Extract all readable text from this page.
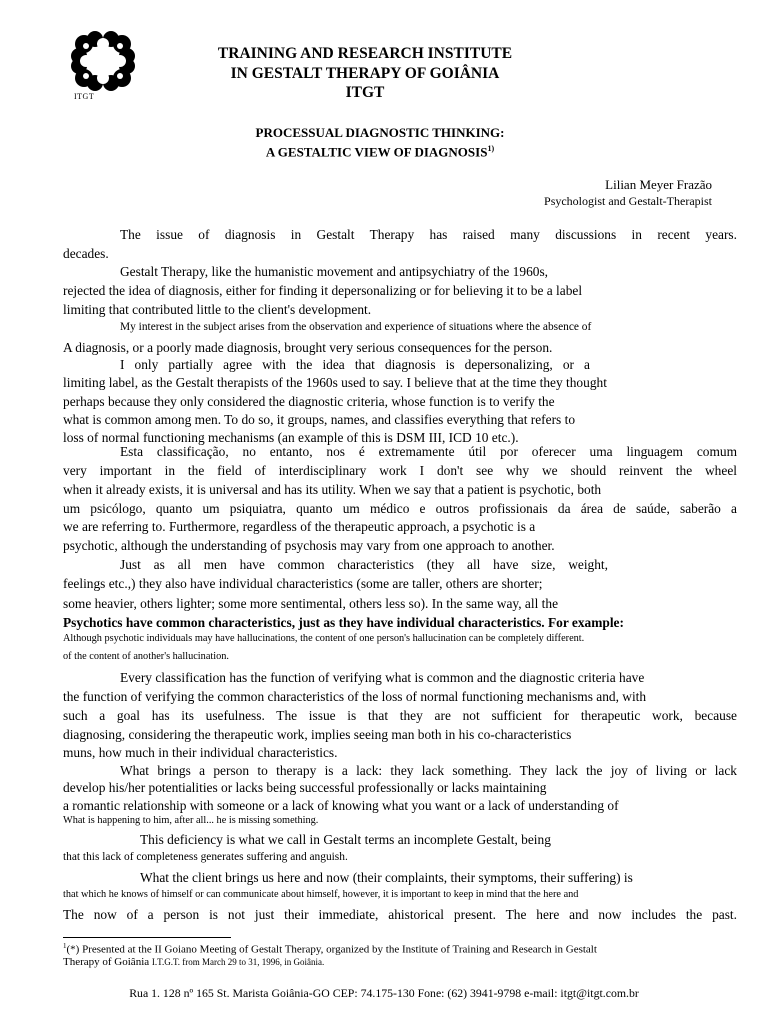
ITGT
TRAINING AND RESEARCH INSTITUTE
IN GESTALT THERAPY OF GOIÂNIA
ITGT
PROCESSUAL DIAGNOSTIC THINKING:
A GESTALTIC VIEW OF DIAGNOSIS$^{1)}$
Lilian Meyer Frazão
Psychologist and Gestalt-Therapist
The issue of diagnosis in Gestalt Therapy has raised many discussions in recent years.
decades.
Gestalt Therapy, like the humanistic movement and antipsychiatry of the 1960s,
rejected the idea of diagnosis, either for finding it depersonalizing or for believing it to be a label
limiting that contributed little to the client's development.
My interest in the subject arises from the observation and experience of situations where the absence of
A diagnosis, or a poorly made diagnosis, brought very serious consequences for the person.
I only partially agree with the idea that diagnosis is depersonalizing, or a
limiting label, as the Gestalt therapists of the 1960s used to say. I believe that at the time they thought
perhaps because they only considered the diagnostic criteria, whose function is to verify the
what is common among men. To do so, it groups, names, and classifies everything that refers to
loss of normal functioning mechanisms (an example of this is DSM III, ICD 10 etc.).
Esta classificação, no entanto, nos é extremamente útil por oferecer uma linguagem comum
very important in the field of interdisciplinary work I don't see why we should reinvent the wheel
when it already exists, it is universal and has its utility. When we say that a patient is psychotic, both
um psicólogo, quanto um psiquiatra, quanto um médico e outros profissionais da área de saúde, saberão a
we are referring to. Furthermore, regardless of the therapeutic approach, a psychotic is a
psychotic, although the understanding of psychosis may vary from one approach to another.
Just as all men have common characteristics (they all have size, weight,
feelings etc.,) they also have individual characteristics (some are taller, others are shorter;
some heavier, others lighter; some more sentimental, others less so). In the same way, all the
Psychotics have common characteristics, just as they have individual characteristics. For example:
Although psychotic individuals may have hallucinations, the content of one person's hallucination can be completely different.
of the content of another's hallucination.
Every classification has the function of verifying what is common and the diagnostic criteria have
the function of verifying the common characteristics of the loss of normal functioning mechanisms and, with
such a goal has its usefulness. The issue is that they are not sufficient for therapeutic work, because
diagnosing, considering the therapeutic work, implies seeing man both in his co-characteristics
muns, how much in their individual characteristics.
What brings a person to therapy is a lack: they lack something. They lack the joy of living or lack
develop his/her potentialities or lacks being successful professionally or lacks maintaining
a romantic relationship with someone or a lack of knowing what you want or a lack of understanding of
What is happening to him, after all... he is missing something.
This deficiency is what we call in Gestalt terms an incomplete Gestalt, being
that this lack of completeness generates suffering and anguish.
What the client brings us here and now (their complaints, their symptoms, their suffering) is
that which he knows of himself or can communicate about himself, however, it is important to keep in mind that the here and
The now of a person is not just their immediate, ahistorical present. The here and now includes the past.
$^1$(*) Presented at the II Goiano Meeting of Gestalt Therapy, organized by the Institute of Training and Research in Gestalt
Therapy of Goiânia I.T.G.T. from March 29 to 31, 1996, in Goiânia.
Rua 1. 128 nº 165 St. Marista Goiânia-GO CEP: 74.175-130 Fone: (62) 3941-9798 e-mail: itgt@itgt.com.br
